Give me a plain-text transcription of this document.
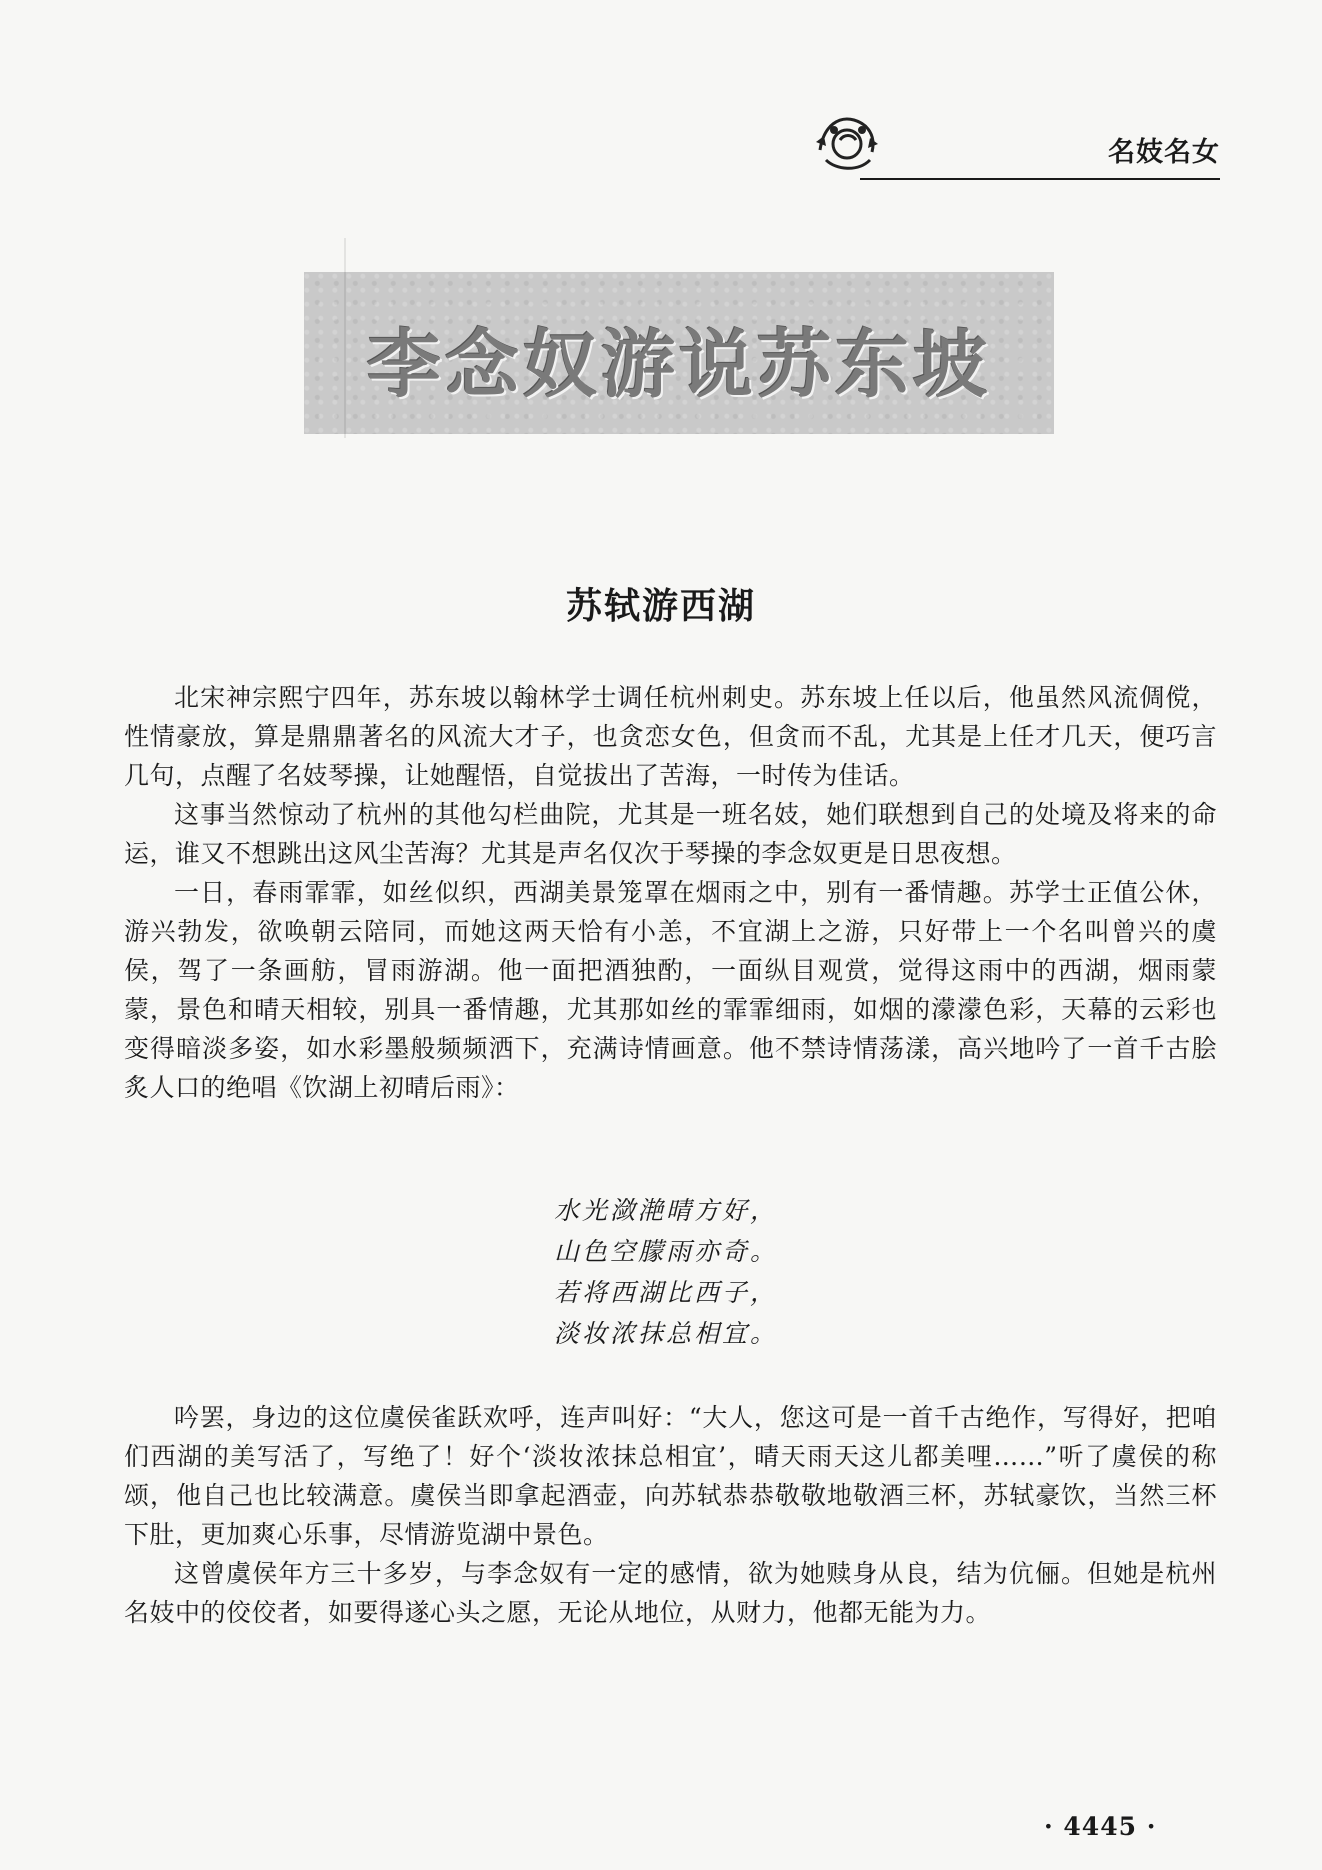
名妓名女
李念奴游说苏东坡
苏轼游西湖

北宋神宗熙宁四年，苏东坡以翰林学士调任杭州刺史。苏东坡上任以后，他虽然风流倜傥，性情豪放，算是鼎鼎著名的风流大才子，也贪恋女色，但贪而不乱，尤其是上任才几天，便巧言几句，点醒了名妓琴操，让她醒悟，自觉拔出了苦海，一时传为佳话。

这事当然惊动了杭州的其他勾栏曲院，尤其是一班名妓，她们联想到自己的处境及将来的命运，谁又不想跳出这风尘苦海？尤其是声名仅次于琴操的李念奴更是日思夜想。

一日，春雨霏霏，如丝似织，西湖美景笼罩在烟雨之中，别有一番情趣。苏学士正值公休，游兴勃发，欲唤朝云陪同，而她这两天恰有小恙，不宜湖上之游，只好带上一个名叫曾兴的虞侯，驾了一条画舫，冒雨游湖。他一面把酒独酌，一面纵目观赏，觉得这雨中的西湖，烟雨蒙蒙，景色和晴天相较，别具一番情趣，尤其那如丝的霏霏细雨，如烟的濛濛色彩，天幕的云彩也变得暗淡多姿，如水彩墨般频频洒下，充满诗情画意。他不禁诗情荡漾，高兴地吟了一首千古脍炙人口的绝唱《饮湖上初晴后雨》：

水光潋滟晴方好，
山色空朦雨亦奇。
若将西湖比西子，
淡妆浓抹总相宜。

吟罢，身边的这位虞侯雀跃欢呼，连声叫好：“大人，您这可是一首千古绝作，写得好，把咱们西湖的美写活了，写绝了！好个‘淡妆浓抹总相宜’，晴天雨天这儿都美哩……”听了虞侯的称颂，他自己也比较满意。虞侯当即拿起酒壶，向苏轼恭恭敬敬地敬酒三杯，苏轼豪饮，当然三杯下肚，更加爽心乐事，尽情游览湖中景色。

这曾虞侯年方三十多岁，与李念奴有一定的感情，欲为她赎身从良，结为伉俪。但她是杭州名妓中的佼佼者，如要得遂心头之愿，无论从地位，从财力，他都无能为力。

· 4445 ·
